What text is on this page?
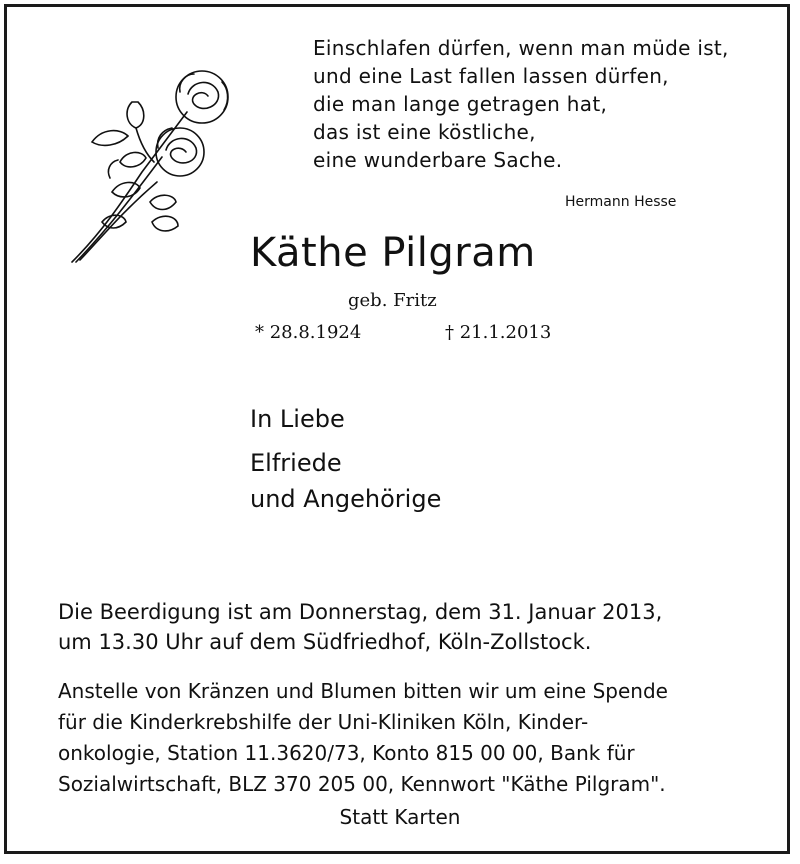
Einschlafen dürfen, wenn man müde ist,
und eine Last fallen lassen dürfen,
die man lange getragen hat,
das ist eine köstliche,
eine wunderbare Sache.
Hermann Hesse
Käthe Pilgram
geb. Fritz
* 28.8.1924	† 21.1.2013
In Liebe
Elfriede
und Angehörige
Die Beerdigung ist am Donnerstag, dem 31. Januar 2013,
um 13.30 Uhr auf dem Südfriedhof, Köln-Zollstock.
Anstelle von Kränzen und Blumen bitten wir um eine Spende
für die Kinderkrebshilfe der Uni-Kliniken Köln, Kinder-
onkologie, Station 11.3620/73, Konto 815 00 00, Bank für
Sozialwirtschaft, BLZ 370 205 00, Kennwort "Käthe Pilgram".
Statt Karten
